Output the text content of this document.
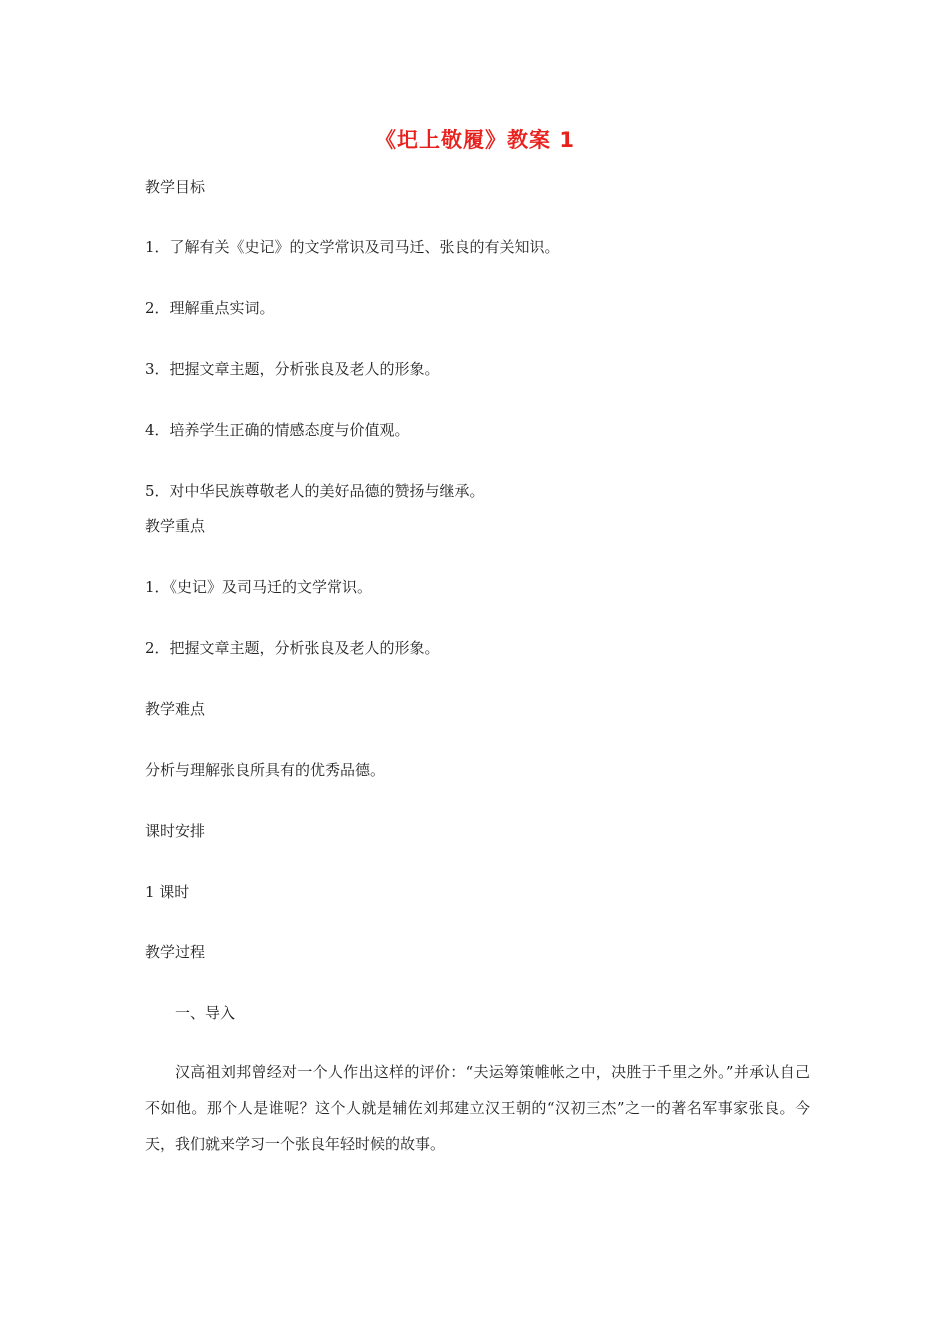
《圯上敬履》教案 1
教学目标
1．了解有关《史记》的文学常识及司马迁、张良的有关知识。
2．理解重点实词。
3．把握文章主题，分析张良及老人的形象。
4．培养学生正确的情感态度与价值观。
5．对中华民族尊敬老人的美好品德的赞扬与继承。
教学重点
1．《史记》及司马迁的文学常识。
2．把握文章主题，分析张良及老人的形象。
教学难点
分析与理解张良所具有的优秀品德。
课时安排
1 课时
教学过程
一、导入
汉高祖刘邦曾经对一个人作出这样的评价：“夫运筹策帷帐之中，决胜于千里之外。”并承认自己不如他。那个人是谁呢？这个人就是辅佐刘邦建立汉王朝的“汉初三杰”之一的著名军事家张良。今天，我们就来学习一个张良年轻时候的故事。
